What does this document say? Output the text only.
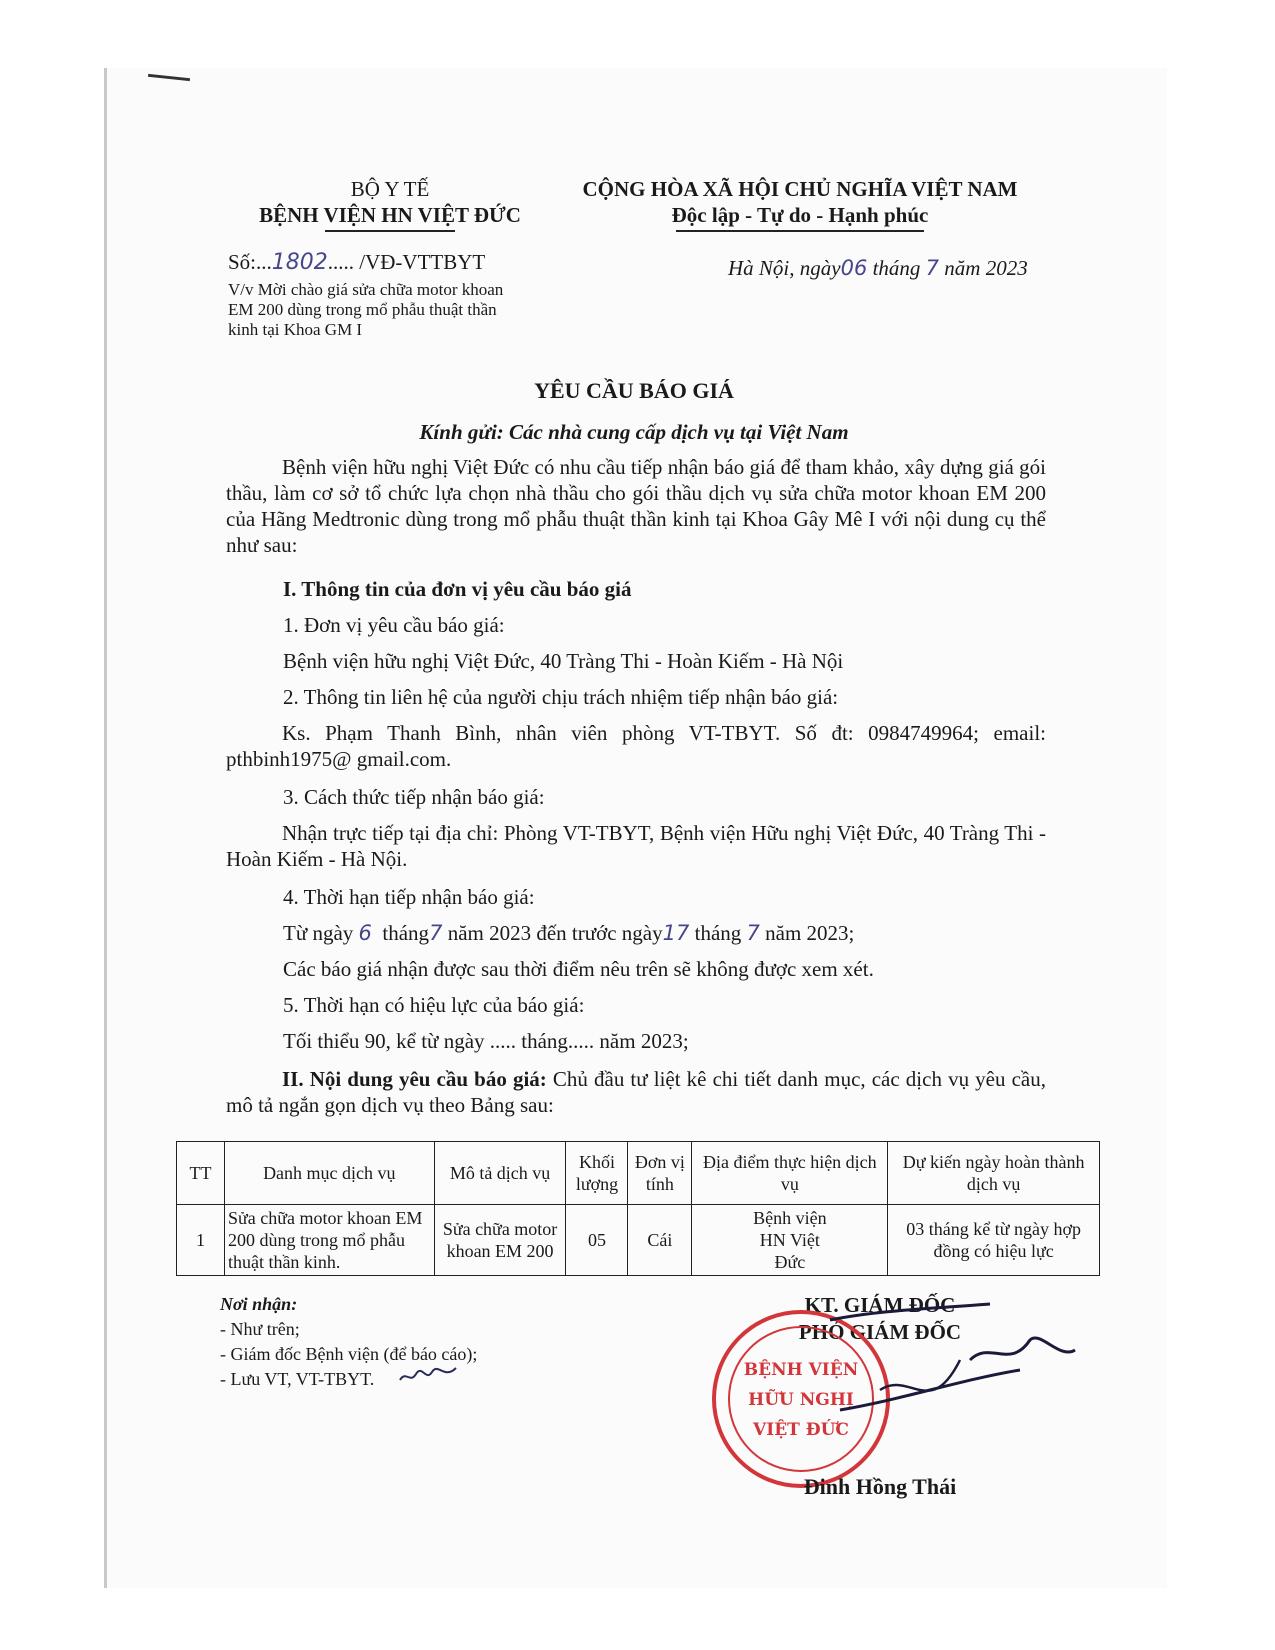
BỘ Y TẾ
BỆNH VIỆN HN VIỆT ĐỨC
Số:...1802..... /VĐ-VTTBYT
V/v Mời chào giá sửa chữa motor khoan
EM 200 dùng trong mổ phẫu thuật thần
kinh tại Khoa GM I
CỘNG HÒA XÃ HỘI CHỦ NGHĨA VIỆT NAM
Độc lập - Tự do - Hạnh phúc
Hà Nội, ngày06 tháng 7 năm 2023
YÊU CẦU BÁO GIÁ
Kính gửi: Các nhà cung cấp dịch vụ tại Việt Nam
Bệnh viện hữu nghị Việt Đức có nhu cầu tiếp nhận báo giá để tham khảo, xây dựng giá gói thầu, làm cơ sở tổ chức lựa chọn nhà thầu cho gói thầu dịch vụ sửa chữa motor khoan EM 200 của Hãng Medtronic dùng trong mổ phẫu thuật thần kinh tại Khoa Gây Mê I với nội dung cụ thể như sau:
I. Thông tin của đơn vị yêu cầu báo giá
1. Đơn vị yêu cầu báo giá:
Bệnh viện hữu nghị Việt Đức, 40 Tràng Thi - Hoàn Kiếm - Hà Nội
2. Thông tin liên hệ của người chịu trách nhiệm tiếp nhận báo giá:
Ks. Phạm Thanh Bình, nhân viên phòng VT-TBYT. Số đt: 0984749964; email: pthbinh1975@ gmail.com.
3. Cách thức tiếp nhận báo giá:
Nhận trực tiếp tại địa chỉ: Phòng VT-TBYT, Bệnh viện Hữu nghị Việt Đức, 40 Tràng Thi - Hoàn Kiếm - Hà Nội.
4. Thời hạn tiếp nhận báo giá:
Từ ngày 6 tháng7 năm 2023 đến trước ngày17 tháng 7 năm 2023;
Các báo giá nhận được sau thời điểm nêu trên sẽ không được xem xét.
5. Thời hạn có hiệu lực của báo giá:
Tối thiểu 90, kể từ ngày ..... tháng..... năm 2023;
II. Nội dung yêu cầu báo giá: Chủ đầu tư liệt kê chi tiết danh mục, các dịch vụ yêu cầu, mô tả ngắn gọn dịch vụ theo Bảng sau:
TT	Danh mục dịch vụ	Mô tả dịch vụ	Khối lượng	Đơn vị tính	Địa điểm thực hiện dịch vụ	Dự kiến ngày hoàn thành dịch vụ
1	Sửa chữa motor khoan EM 200 dùng trong mổ phẫu thuật thần kinh.	Sửa chữa motor khoan EM 200	05	Cái	Bệnh viện HN Việt Đức	03 tháng kể từ ngày hợp đồng có hiệu lực
Nơi nhận:
- Như trên;
- Giám đốc Bệnh viện (để báo cáo);
- Lưu VT, VT-TBYT.
KT. GIÁM ĐỐC
PHÓ GIÁM ĐỐC
BỆNH VIỆN
HỮU NGHỊ
VIỆT ĐỨC
Đinh Hồng Thái
